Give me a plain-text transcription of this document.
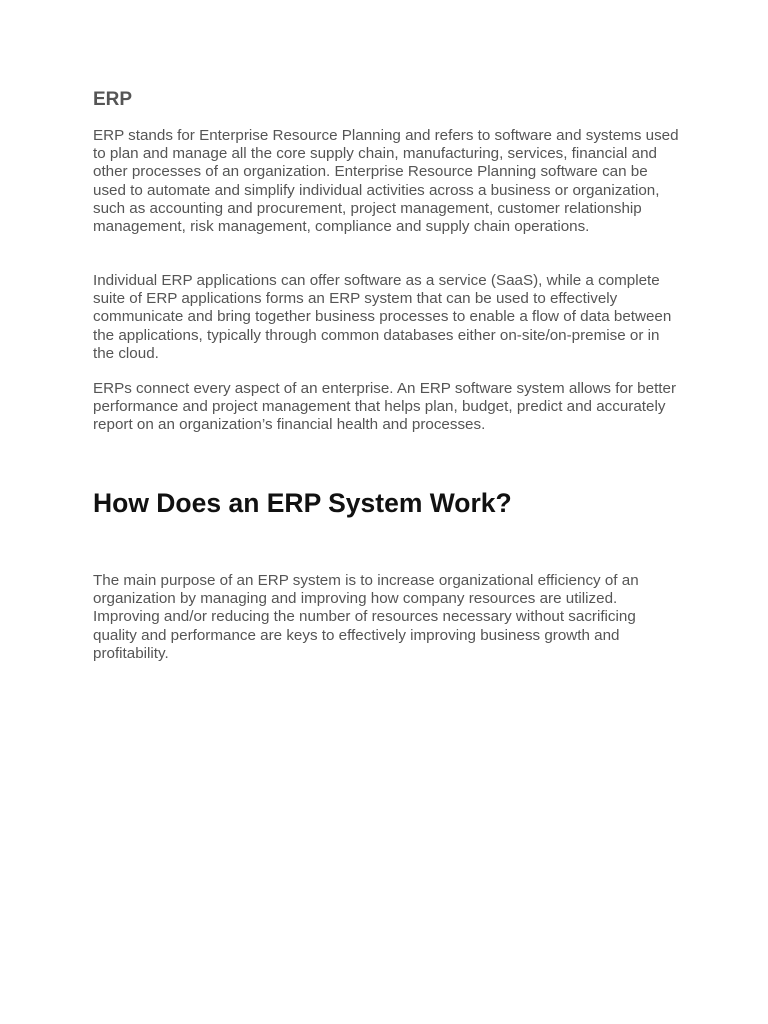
ERP

ERP stands for Enterprise Resource Planning and refers to software and systems used to plan and manage all the core supply chain, manufacturing, services, financial and other processes of an organization. Enterprise Resource Planning software can be used to automate and simplify individual activities across a business or organization, such as accounting and procurement, project management, customer relationship management, risk management, compliance and supply chain operations.

Individual ERP applications can offer software as a service (SaaS), while a complete suite of ERP applications forms an ERP system that can be used to effectively communicate and bring together business processes to enable a flow of data between the applications, typically through common databases either on-site/on-premise or in the cloud.

ERPs connect every aspect of an enterprise. An ERP software system allows for better performance and project management that helps plan, budget, predict and accurately report on an organization’s financial health and processes.

How Does an ERP System Work?

The main purpose of an ERP system is to increase organizational efficiency of an organization by managing and improving how company resources are utilized. Improving and/or reducing the number of resources necessary without sacrificing quality and performance are keys to effectively improving business growth and profitability.
